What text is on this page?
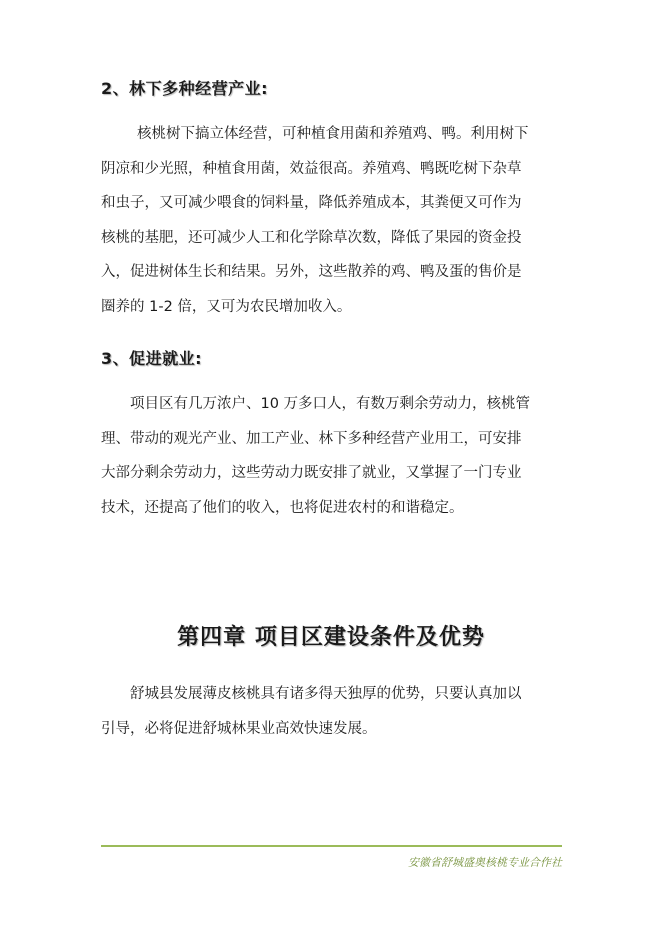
2、林下多种经营产业:
核桃树下搞立体经营，可种植食用菌和养殖鸡、鸭。利用树下
阴凉和少光照，种植食用菌，效益很高。养殖鸡、鸭既吃树下杂草
和虫子，又可减少喂食的饲料量，降低养殖成本，其粪便又可作为
核桃的基肥，还可减少人工和化学除草次数，降低了果园的资金投
入，促进树体生长和结果。另外，这些散养的鸡、鸭及蛋的售价是
圈养的 1-2 倍，又可为农民增加收入。
3、促进就业:
项目区有几万浓户、10 万多口人，有数万剩余劳动力，核桃管
理、带动的观光产业、加工产业、林下多种经营产业用工，可安排
大部分剩余劳动力，这些劳动力既安排了就业，又掌握了一门专业
技术，还提高了他们的收入，也将促进农村的和谐稳定。
第四章 项目区建设条件及优势
舒城县发展薄皮核桃具有诸多得天独厚的优势，只要认真加以
引导，必将促进舒城林果业高效快速发展。
安徽省舒城盛奥核桃专业合作社
